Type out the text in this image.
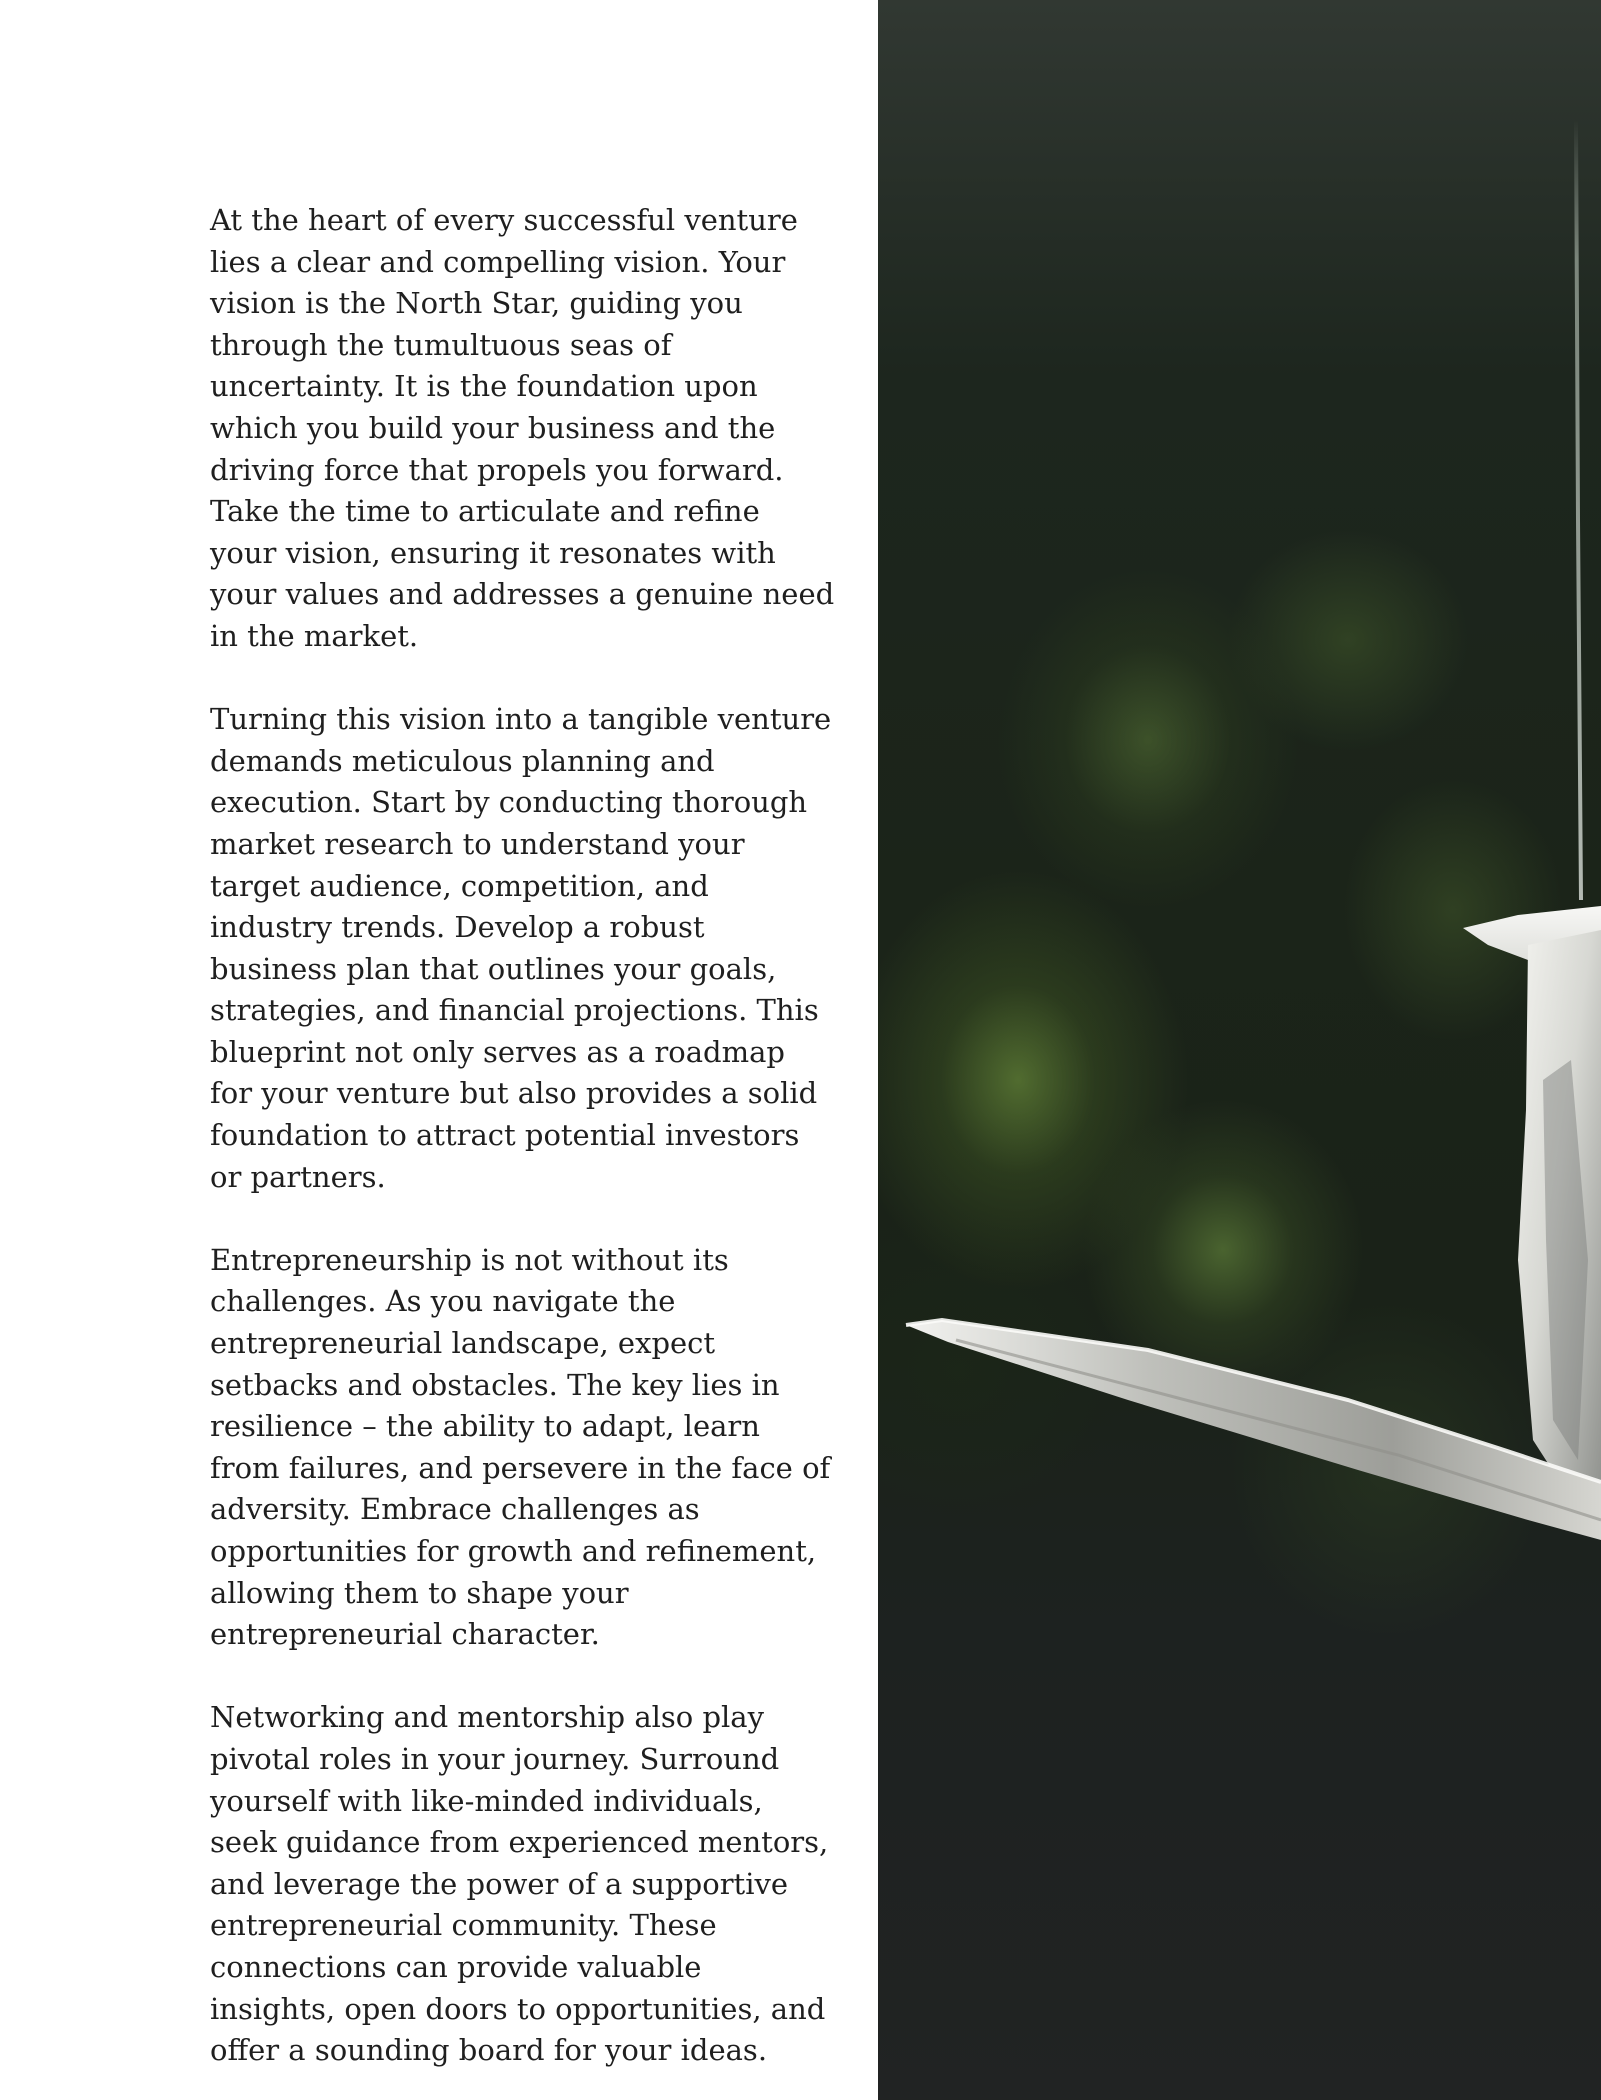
At the heart of every successful venture lies a clear and compelling vision. Your vision is the North Star, guiding you through the tumultuous seas of uncertainty. It is the foundation upon which you build your business and the driving force that propels you forward. Take the time to articulate and refine your vision, ensuring it resonates with your values and addresses a genuine need in the market.

Turning this vision into a tangible venture demands meticulous planning and execution. Start by conducting thorough market research to understand your target audience, competition, and industry trends. Develop a robust business plan that outlines your goals, strategies, and financial projections. This blueprint not only serves as a roadmap for your venture but also provides a solid foundation to attract potential investors or partners.

Entrepreneurship is not without its challenges. As you navigate the entrepreneurial landscape, expect setbacks and obstacles. The key lies in resilience – the ability to adapt, learn from failures, and persevere in the face of adversity. Embrace challenges as opportunities for growth and refinement, allowing them to shape your entrepreneurial character.

Networking and mentorship also play pivotal roles in your journey. Surround yourself with like-minded individuals, seek guidance from experienced mentors, and leverage the power of a supportive entrepreneurial community. These connections can provide valuable insights, open doors to opportunities, and offer a sounding board for your ideas.
